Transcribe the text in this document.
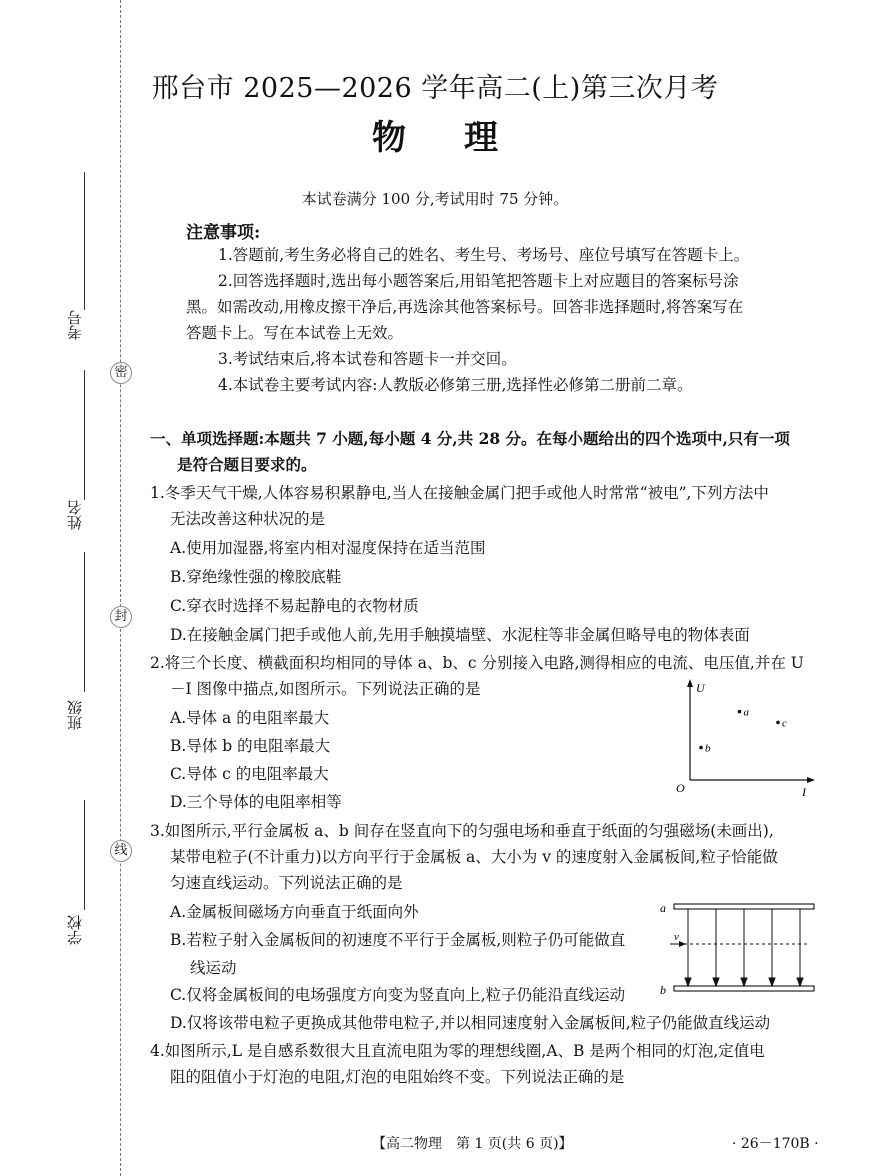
考号
姓名
班级
学校
密
封
线
邢台市 2025—2026 学年高二(上)第三次月考
物理
本试卷满分 100 分,考试用时 75 分钟。
注意事项:
1.答题前,考生务必将自己的姓名、考生号、考场号、座位号填写在答题卡上。
2.回答选择题时,选出每小题答案后,用铅笔把答题卡上对应题目的答案标号涂
黑。如需改动,用橡皮擦干净后,再选涂其他答案标号。回答非选择题时,将答案写在
答题卡上。写在本试卷上无效。
3.考试结束后,将本试卷和答题卡一并交回。
4.本试卷主要考试内容:人教版必修第三册,选择性必修第二册前二章。
一、单项选择题:本题共 7 小题,每小题 4 分,共 28 分。在每小题给出的四个选项中,只有一项
是符合题目要求的。
1.冬季天气干燥,人体容易积累静电,当人在接触金属门把手或他人时常常“被电”,下列方法中
无法改善这种状况的是
A.使用加湿器,将室内相对湿度保持在适当范围
B.穿绝缘性强的橡胶底鞋
C.穿衣时选择不易起静电的衣物材质
D.在接触金属门把手或他人前,先用手触摸墙壁、水泥柱等非金属但略导电的物体表面
2.将三个长度、横截面积均相同的导体 a、b、c 分别接入电路,测得相应的电流、电压值,并在 U
－I 图像中描点,如图所示。下列说法正确的是
A.导体 a 的电阻率最大
B.导体 b 的电阻率最大
C.导体 c 的电阻率最大
D.三个导体的电阻率相等
U
I
O
a
b
c
3.如图所示,平行金属板 a、b 间存在竖直向下的匀强电场和垂直于纸面的匀强磁场(未画出),
某带电粒子(不计重力)以方向平行于金属板 a、大小为 v 的速度射入金属板间,粒子恰能做
匀速直线运动。下列说法正确的是
A.金属板间磁场方向垂直于纸面向外
B.若粒子射入金属板间的初速度不平行于金属板,则粒子仍可能做直
线运动
C.仅将金属板间的电场强度方向变为竖直向上,粒子仍能沿直线运动
D.仅将该带电粒子更换成其他带电粒子,并以相同速度射入金属板间,粒子仍能做直线运动
a
b
v
4.如图所示,L 是自感系数很大且直流电阻为零的理想线圈,A、B 是两个相同的灯泡,定值电
阻的阻值小于灯泡的电阻,灯泡的电阻始终不变。下列说法正确的是
【高二物理　第 1 页(共 6 页)】	· 26－170B ·
